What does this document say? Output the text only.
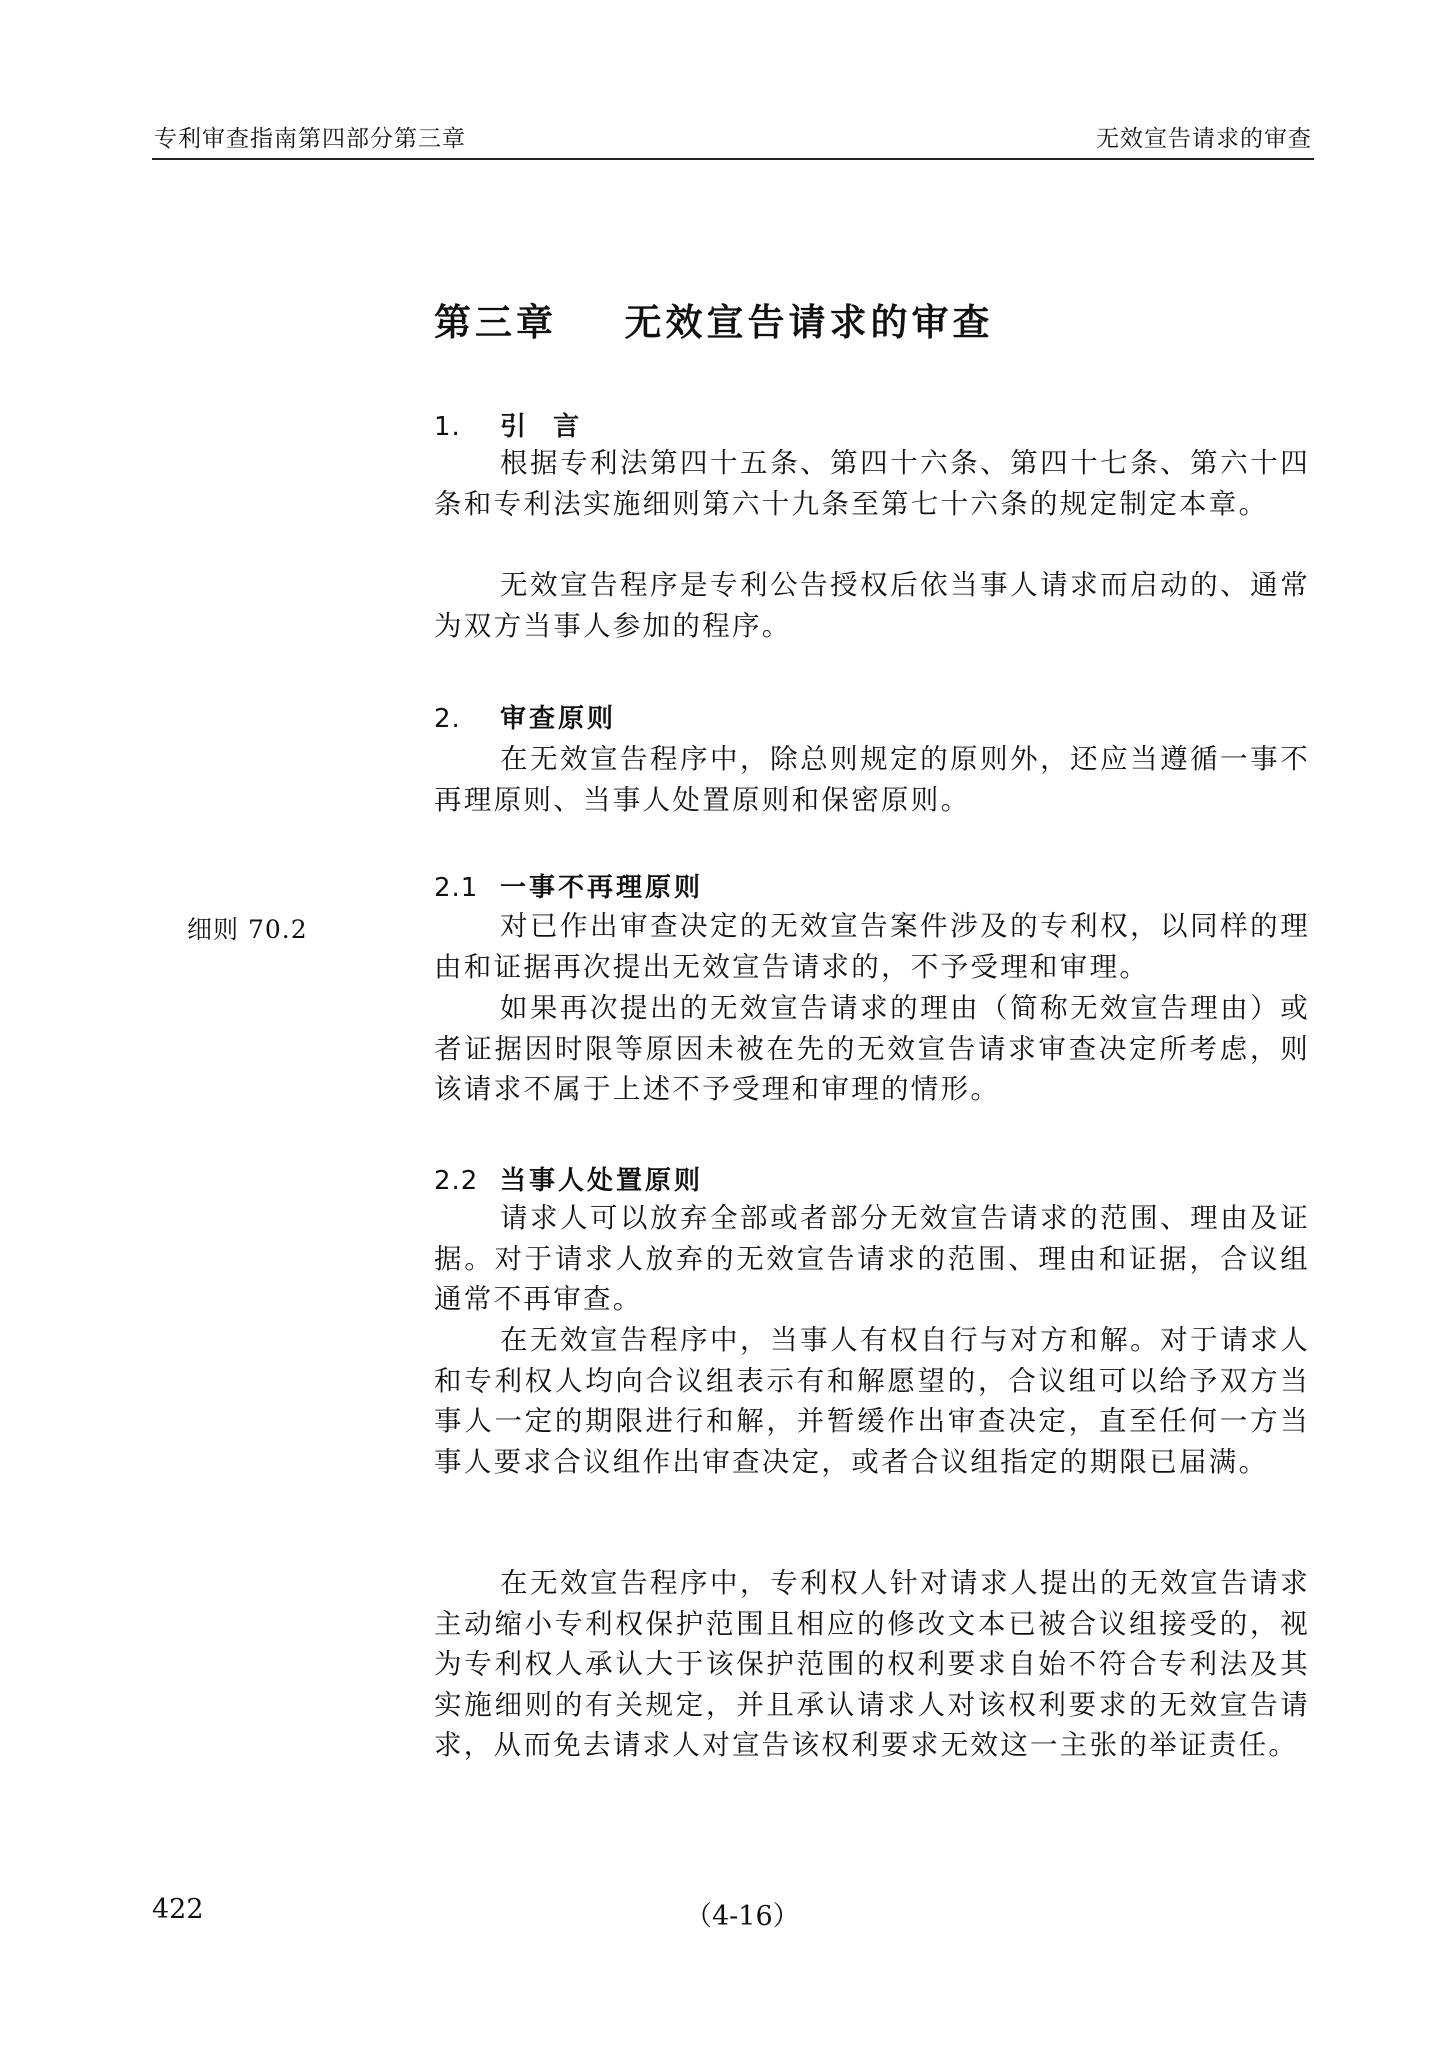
专利审查指南第四部分第三章	无效宣告请求的审查
第三章    无效宣告请求的审查
1. 引  言

根据专利法第四十五条、第四十六条、第四十七条、第六十四条和专利法实施细则第六十九条至第七十六条的规定制定本章。

无效宣告程序是专利公告授权后依当事人请求而启动的、通常为双方当事人参加的程序。

2. 审查原则

在无效宣告程序中，除总则规定的原则外，还应当遵循一事不再理原则、当事人处置原则和保密原则。

2.1 一事不再理原则
细则 70.2	对已作出审查决定的无效宣告案件涉及的专利权，以同样的理由和证据再次提出无效宣告请求的，不予受理和审理。

如果再次提出的无效宣告请求的理由（简称无效宣告理由）或者证据因时限等原因未被在先的无效宣告请求审查决定所考虑，则该请求不属于上述不予受理和审理的情形。

2.2 当事人处置原则

请求人可以放弃全部或者部分无效宣告请求的范围、理由及证据。对于请求人放弃的无效宣告请求的范围、理由和证据，合议组通常不再审查。

在无效宣告程序中，当事人有权自行与对方和解。对于请求人和专利权人均向合议组表示有和解愿望的，合议组可以给予双方当事人一定的期限进行和解，并暂缓作出审查决定，直至任何一方当事人要求合议组作出审查决定，或者合议组指定的期限已届满。

在无效宣告程序中，专利权人针对请求人提出的无效宣告请求主动缩小专利权保护范围且相应的修改文本已被合议组接受的，视为专利权人承认大于该保护范围的权利要求自始不符合专利法及其实施细则的有关规定，并且承认请求人对该权利要求的无效宣告请求，从而免去请求人对宣告该权利要求无效这一主张的举证责任。

422	（4-16）
